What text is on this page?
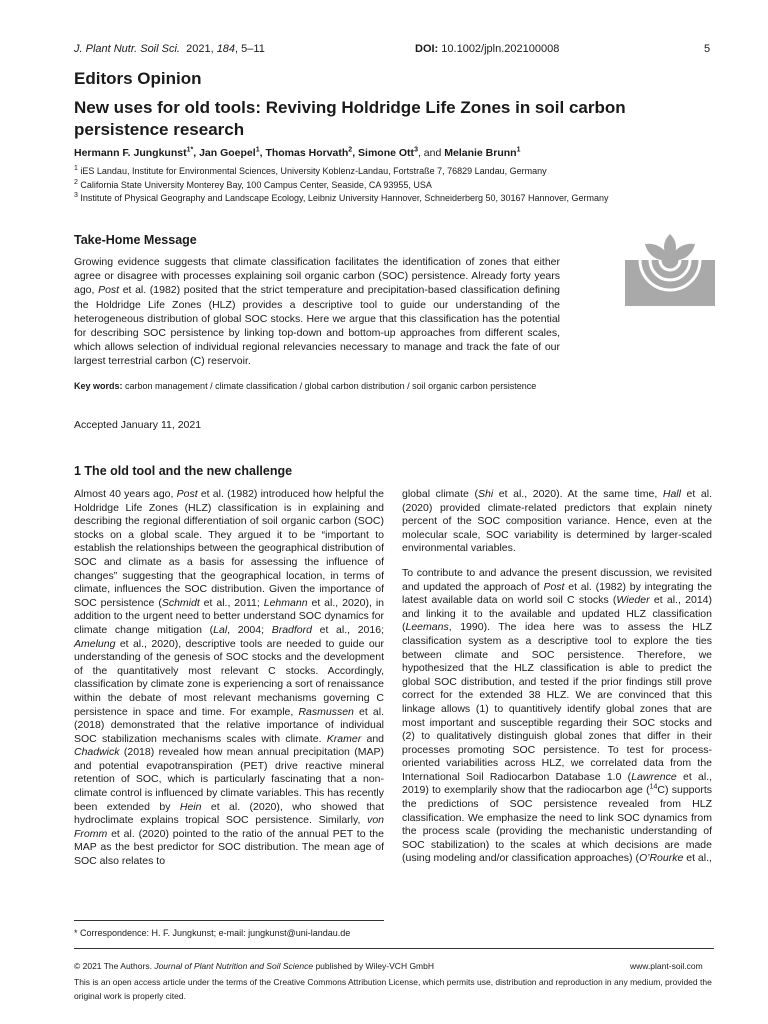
J. Plant Nutr. Soil Sci. 2021, 184, 5–11	DOI: 10.1002/jpln.202100008	5
Editors Opinion
New uses for old tools: Reviving Holdridge Life Zones in soil carbon persistence research
Hermann F. Jungkunst$^{1*}$, Jan Goepel$^1$, Thomas Horvath$^2$, Simone Ott$^3$, and Melanie Brunn$^1$
$^1$ iES Landau, Institute for Environmental Sciences, University Koblenz-Landau, Fortstraße 7, 76829 Landau, Germany
$^2$ California State University Monterey Bay, 100 Campus Center, Seaside, CA 93955, USA
$^3$ Institute of Physical Geography and Landscape Ecology, Leibniz University Hannover, Schneiderberg 50, 30167 Hannover, Germany
Take-Home Message

Growing evidence suggests that climate classification facilitates the identification of zones that either agree or disagree with processes explaining soil organic carbon (SOC) persistence. Already forty years ago, Post et al. (1982) posited that the strict temperature and precipitation-based classification defining the Holdridge Life Zones (HLZ) provides a descriptive tool to guide our understanding of the heterogeneous distribution of global SOC stocks. Here we argue that this classification has the potential for describing SOC persistence by linking top-down and bottom-up approaches from different scales, which allows selection of individual regional relevancies necessary to manage and track the fate of our largest terrestrial carbon (C) reservoir.

Key words: carbon management / climate classification / global carbon distribution / soil organic carbon persistence
Accepted January 11, 2021
1 The old tool and the new challenge

Almost 40 years ago, Post et al. (1982) introduced how helpful the Holdridge Life Zones (HLZ) classification is in explaining and describing the regional differentiation of soil organic carbon (SOC) stocks on a global scale. They argued it to be “important to establish the relationships between the geographical distribution of SOC and climate as a basis for assessing the influence of changes” suggesting that the geographical location, in terms of climate, influences the SOC distribution. Given the importance of SOC persistence (Schmidt et al., 2011; Lehmann et al., 2020), in addition to the urgent need to better understand SOC dynamics for climate change mitigation (Lal, 2004; Bradford et al., 2016; Amelung et al., 2020), descriptive tools are needed to guide our understanding of the genesis of SOC stocks and the development of the quantitatively most relevant C stocks. Accordingly, classification by climate zone is experiencing a sort of renaissance within the debate of most relevant mechanisms governing C persistence in space and time. For example, Rasmussen et al. (2018) demonstrated that the relative importance of individual SOC stabilization mechanisms scales with climate. Kramer and Chadwick (2018) revealed how mean annual precipitation (MAP) and potential evapotranspiration (PET) drive reactive mineral retention of SOC, which is particularly fascinating that a non-climate control is influenced by climate variables. This has recently been extended by Hein et al. (2020), who showed that hydroclimate explains tropical SOC persistence. Similarly, von Fromm et al. (2020) pointed to the ratio of the annual PET to the MAP as the best predictor for SOC distribution. The mean age of SOC also relates to

global climate (Shi et al., 2020). At the same time, Hall et al. (2020) provided climate-related predictors that explain ninety percent of the SOC composition variance. Hence, even at the molecular scale, SOC variability is determined by larger-scaled environmental variables.

To contribute to and advance the present discussion, we revisited and updated the approach of Post et al. (1982) by integrating the latest available data on world soil C stocks (Wieder et al., 2014) and linking it to the available and updated HLZ classification (Leemans, 1990). The idea here was to assess the HLZ classification system as a descriptive tool to explore the ties between climate and SOC persistence. Therefore, we hypothesized that the HLZ classification is able to predict the global SOC distribution, and tested if the prior findings still prove correct for the extended 38 HLZ. We are convinced that this linkage allows (1) to quantitively identify global zones that are most important and susceptible regarding their SOC stocks and (2) to qualitatively distinguish global zones that differ in their processes promoting SOC persistence. To test for process-oriented variabilities across HLZ, we correlated data from the International Soil Radiocarbon Database 1.0 (Lawrence et al., 2019) to exemplarily show that the radiocarbon age ($^{14}$C) supports the predictions of SOC persistence revealed from HLZ classification. We emphasize the need to link SOC dynamics from the process scale (providing the mechanistic understanding of SOC stabilization) to the scales at which decisions are made (using modeling and/or classification approaches) (O’Rourke et al.,

* Correspondence: H. F. Jungkunst; e-mail: jungkunst@uni-landau.de
© 2021 The Authors. Journal of Plant Nutrition and Soil Science published by Wiley-VCH GmbH	www.plant-soil.com
This is an open access article under the terms of the Creative Commons Attribution License, which permits use, distribution and reproduction in any medium, provided the original work is properly cited.
